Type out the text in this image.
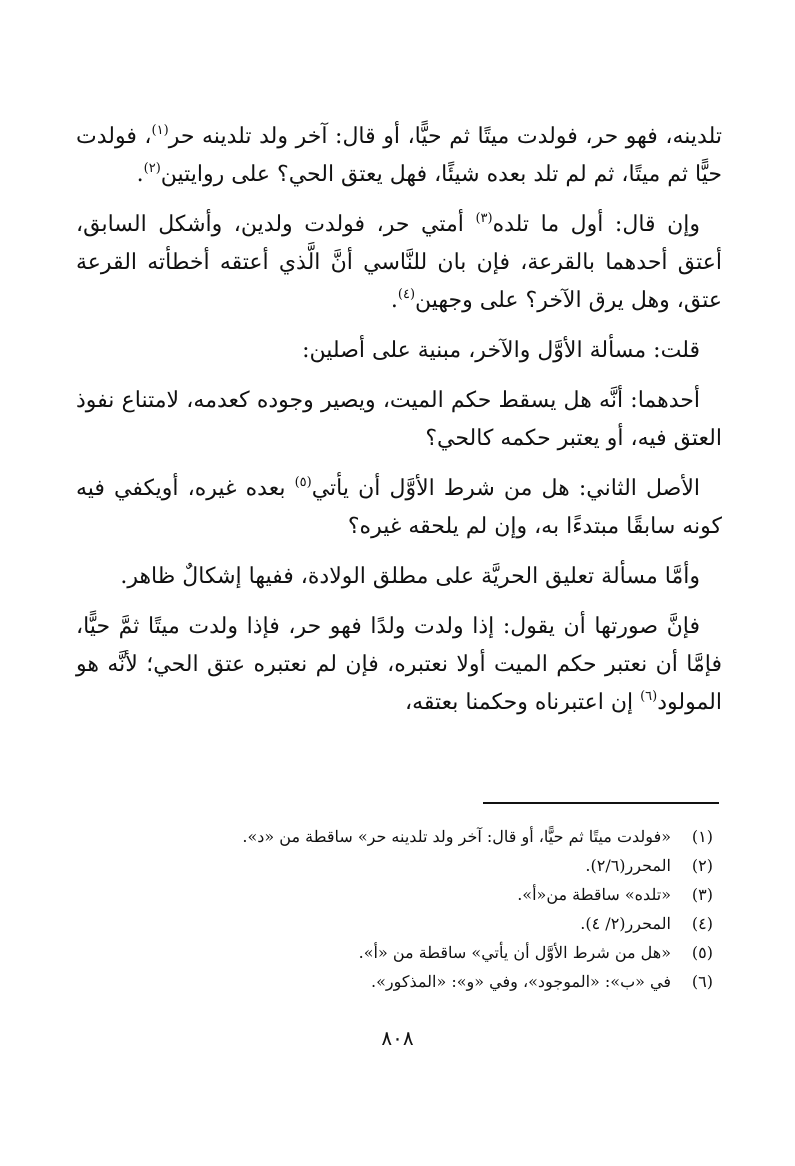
تلدينه، فهو حر، فولدت ميتًا ثم حيًّا، أو قال: آخر ولد تلدينه حر$^{(١)}$، فولدت حيًّا ثم ميتًا، ثم لم تلد بعده شيئًا، فهل يعتق الحي؟ على روايتين$^{(٢)}$.

وإن قال: أول ما تلده$^{(٣)}$ أمتي حر، فولدت ولدين، وأشكل السابق، أعتق أحدهما بالقرعة، فإن بان للنَّاسي أنَّ الَّذي أعتقه أخطأته القرعة عتق، وهل يرق الآخر؟ على وجهين$^{(٤)}$.

قلت: مسألة الأوَّل والآخر، مبنية على أصلين:

أحدهما: أنَّه هل يسقط حكم الميت، ويصير وجوده كعدمه، لامتناع نفوذ العتق فيه، أو يعتبر حكمه كالحي؟

الأصل الثاني: هل من شرط الأوَّل أن يأتي$^{(٥)}$ بعده غيره، أويكفي فيه كونه سابقًا مبتدءًا به، وإن لم يلحقه غيره؟

وأمَّا مسألة تعليق الحريَّة على مطلق الولادة، ففيها إشكالٌ ظاهر.

فإنَّ صورتها أن يقول: إذا ولدت ولدًا فهو حر، فإذا ولدت ميتًا ثمَّ حيًّا، فإمَّا أن نعتبر حكم الميت أولا نعتبره، فإن لم نعتبره عتق الحي؛ لأنَّه هو المولود$^{(٦)}$ إن اعتبرناه وحكمنا بعتقه،

(١)
«فولدت ميتًا ثم حيًّا، أو قال: آخر ولد تلدينه حر» ساقطة من «د».
(٢)
المحرر(٢/٦).
(٣)
«تلده» ساقطة من«أ».
(٤)
المحرر(٢/ ٤).
(٥)
«هل من شرط الأوَّل أن يأتي» ساقطة من «أ».
(٦)
في «ب»: «الموجود»، وفي «و»: «المذكور».
٨٠٨
